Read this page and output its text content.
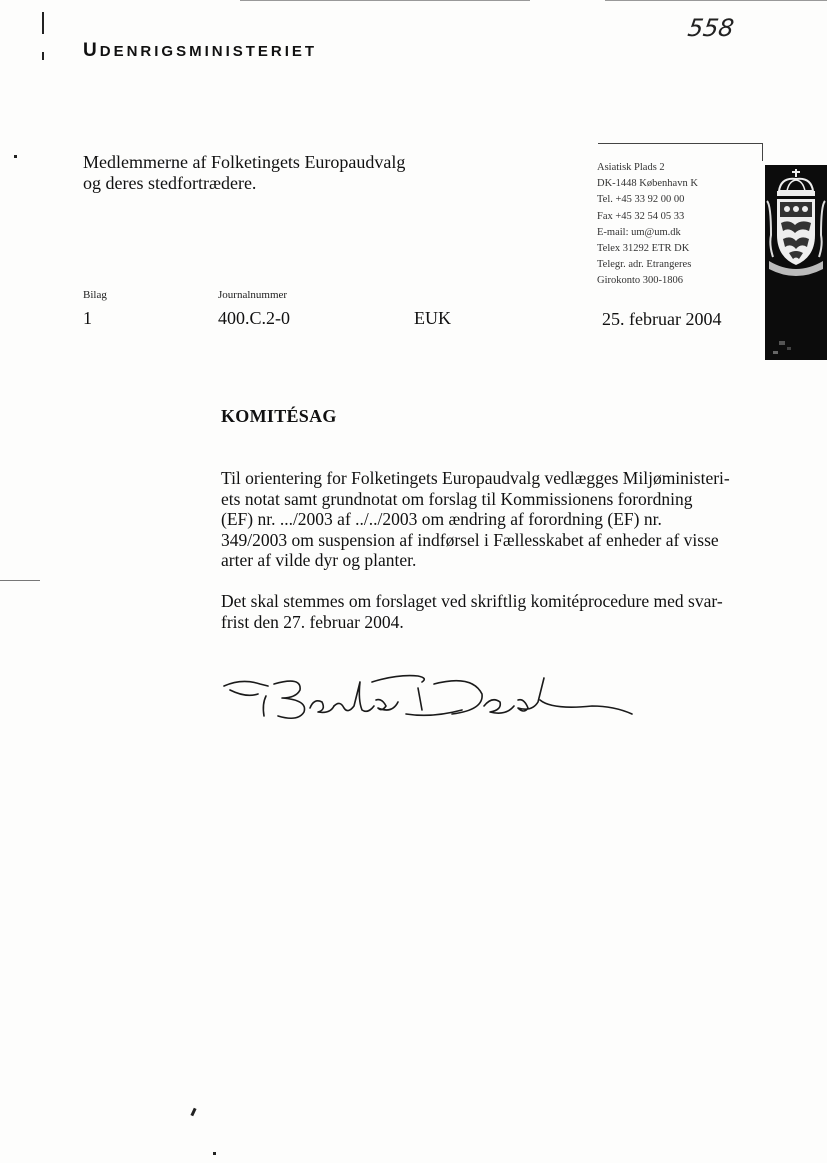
UDENRIGSMINISTERIET
558
Medlemmerne af Folketingets Europaudvalg
og deres stedfortrædere.
Asiatisk Plads 2
DK-1448 København K
Tel. +45 33 92 00 00
Fax +45 32 54 05 33
E-mail: um@um.dk
Telex 31292 ETR DK
Telegr. adr. Etrangeres
Girokonto 300-1806
Bilag
1
Journalnummer
400.C.2-0	EUK	25. februar 2004
KOMITÉSAG

Til orientering for Folketingets Europaudvalg vedlægges Miljøministeri-

ets notat samt grundnotat om forslag til Kommissionens forordning

(EF) nr. .../2003 af ../../2003 om ændring af forordning (EF) nr.

349/2003 om suspension af indførsel i Fællesskabet af enheder af visse

arter af vilde dyr og planter.

Det skal stemmes om forslaget ved skriftlig komitéprocedure med svar-

frist den 27. februar 2004.
